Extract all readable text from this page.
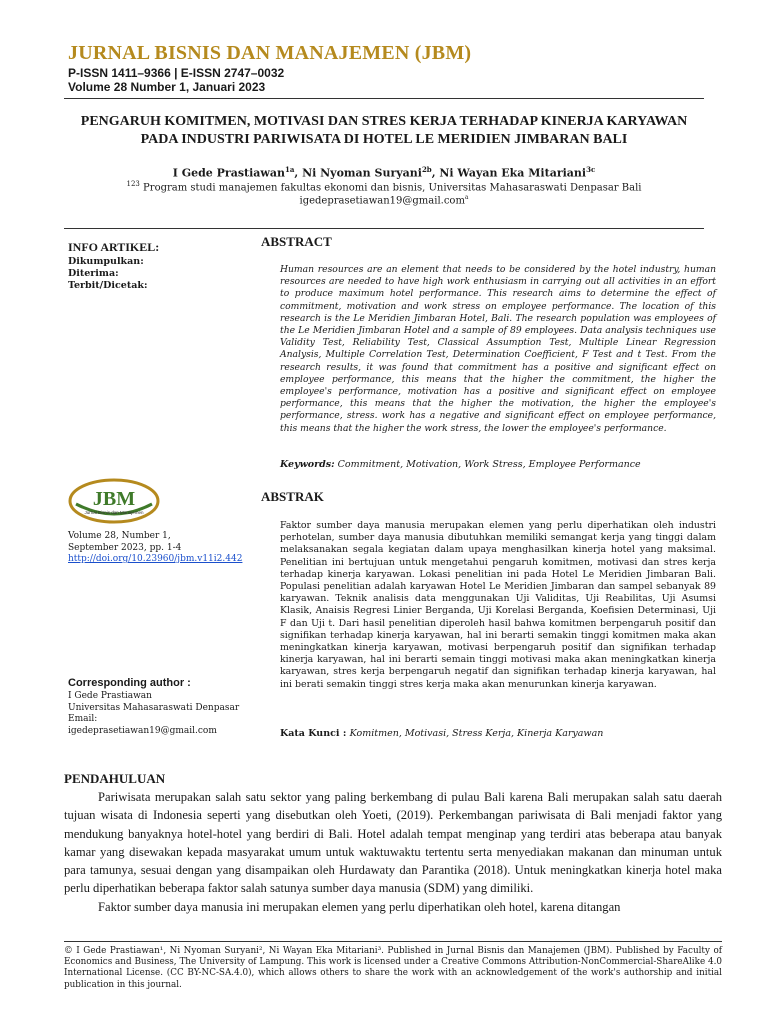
JURNAL BISNIS DAN MANAJEMEN (JBM)
P-ISSN 1411–9366 | E-ISSN 2747–0032
Volume 28 Number 1, Januari 2023
PENGARUH KOMITMEN, MOTIVASI DAN STRES KERJA TERHADAP KINERJA KARYAWAN
PADA INDUSTRI PARIWISATA DI HOTEL LE MERIDIEN JIMBARAN BALI
I Gede Prastiawan$^{1a}$, Ni Nyoman Suryani$^{2b}$, Ni Wayan Eka Mitariani$^{3c}$
$^{123}$ Program studi manajemen fakultas ekonomi dan bisnis, Universitas Mahasaraswati Denpasar Bali
igedeprasetiawan19@gmail.com$^a$
INFO ARTIKEL:
Dikumpulkan:
Diterima:
Terbit/Dicetak:
ABSTRACT
Human resources are an element that needs to be considered by the hotel industry, human resources are needed to have high work enthusiasm in carrying out all activities in an effort to produce maximum hotel performance. This research aims to determine the effect of commitment, motivation and work stress on employee performance. The location of this research is the Le Meridien Jimbaran Hotel, Bali. The research population was employees of the Le Meridien Jimbaran Hotel and a sample of 89 employees. Data analysis techniques use Validity Test, Reliability Test, Classical Assumption Test, Multiple Linear Regression Analysis, Multiple Correlation Test, Determination Coefficient, F Test and t Test. From the research results, it was found that commitment has a positive and significant effect on employee performance, this means that the higher the commitment, the higher the employee's performance, motivation has a positive and significant effect on employee performance, this means that the higher the motivation, the higher the employee's performance, stress. work has a negative and significant effect on employee performance, this means that the higher the work stress, the lower the employee's performance.
Keywords: Commitment, Motivation, Work Stress, Employee Performance
ABSTRAK
Faktor sumber daya manusia merupakan elemen yang perlu diperhatikan oleh industri perhotelan, sumber daya manusia dibutuhkan memiliki semangat kerja yang tinggi dalam melaksanakan segala kegiatan dalam upaya menghasilkan kinerja hotel yang maksimal. Penelitian ini bertujuan untuk mengetahui pengaruh komitmen, motivasi dan stres kerja terhadap kinerja karyawan. Lokasi penelitian ini pada Hotel Le Meridien Jimbaran Bali. Populasi penelitian adalah karyawan Hotel Le Meridien Jimbaran dan sampel sebanyak 89 karyawan. Teknik analisis data menggunakan Uji Validitas, Uji Reabilitas, Uji Asumsi Klasik, Anaisis Regresi Linier Berganda, Uji Korelasi Berganda, Koefisien Determinasi, Uji F dan Uji t. Dari hasil penelitian diperoleh hasil bahwa komitmen berpengaruh positif dan signifikan terhadap kinerja karyawan, hal ini berarti semakin tinggi komitmen maka akan meningkatkan kinerja karyawan, motivasi berpengaruh positif dan signifikan terhadap kinerja karyawan, hal ini berarti semain tinggi motivasi maka akan meningkatkan kinerja karyawan, stres kerja berpengaruh negatif dan signifikan terhadap kinerja karyawan, hal ini berati semakin tinggi stres kerja maka akan menurunkan kinerja karyawan.
Kata Kunci : Komitmen, Motivasi, Stress Kerja, Kinerja Karyawan
JBM
Jurnal Bisnis dan Manajemen
Volume 28, Number 1,
September 2023, pp. 1-4
http://doi.org/10.23960/jbm.v11i2.442
Corresponding author :
I Gede Prastiawan
Universitas Mahasaraswati Denpasar
Email:
igedeprasetiawan19@gmail.com
PENDAHULUAN

Pariwisata merupakan salah satu sektor yang paling berkembang di pulau Bali karena Bali merupakan salah satu daerah tujuan wisata di Indonesia seperti yang disebutkan oleh Yoeti, (2019). Perkembangan pariwisata di Bali menjadi faktor yang mendukung banyaknya hotel-hotel yang berdiri di Bali. Hotel adalah tempat menginap yang terdiri atas beberapa atau banyak kamar yang disewakan kepada masyarakat umum untuk waktuwaktu tertentu serta menyediakan makanan dan minuman untuk para tamunya, sesuai dengan yang disampaikan oleh Hurdawaty dan Parantika (2018). Untuk meningkatkan kinerja hotel maka perlu diperhatikan beberapa faktor salah satunya sumber daya manusia (SDM) yang dimiliki.

Faktor sumber daya manusia ini merupakan elemen yang perlu diperhatikan oleh hotel, karena ditangan

© I Gede Prastiawan¹, Ni Nyoman Suryani², Ni Wayan Eka Mitariani³. Published in Jurnal Bisnis dan Manajemen (JBM). Published by Faculty of Economics and Business, The University of Lampung. This work is licensed under a Creative Commons Attribution-NonCommercial-ShareAlike 4.0 International License. (CC BY-NC-SA.4.0), which allows others to share the work with an acknowledgement of the work's authorship and initial publication in this journal.
